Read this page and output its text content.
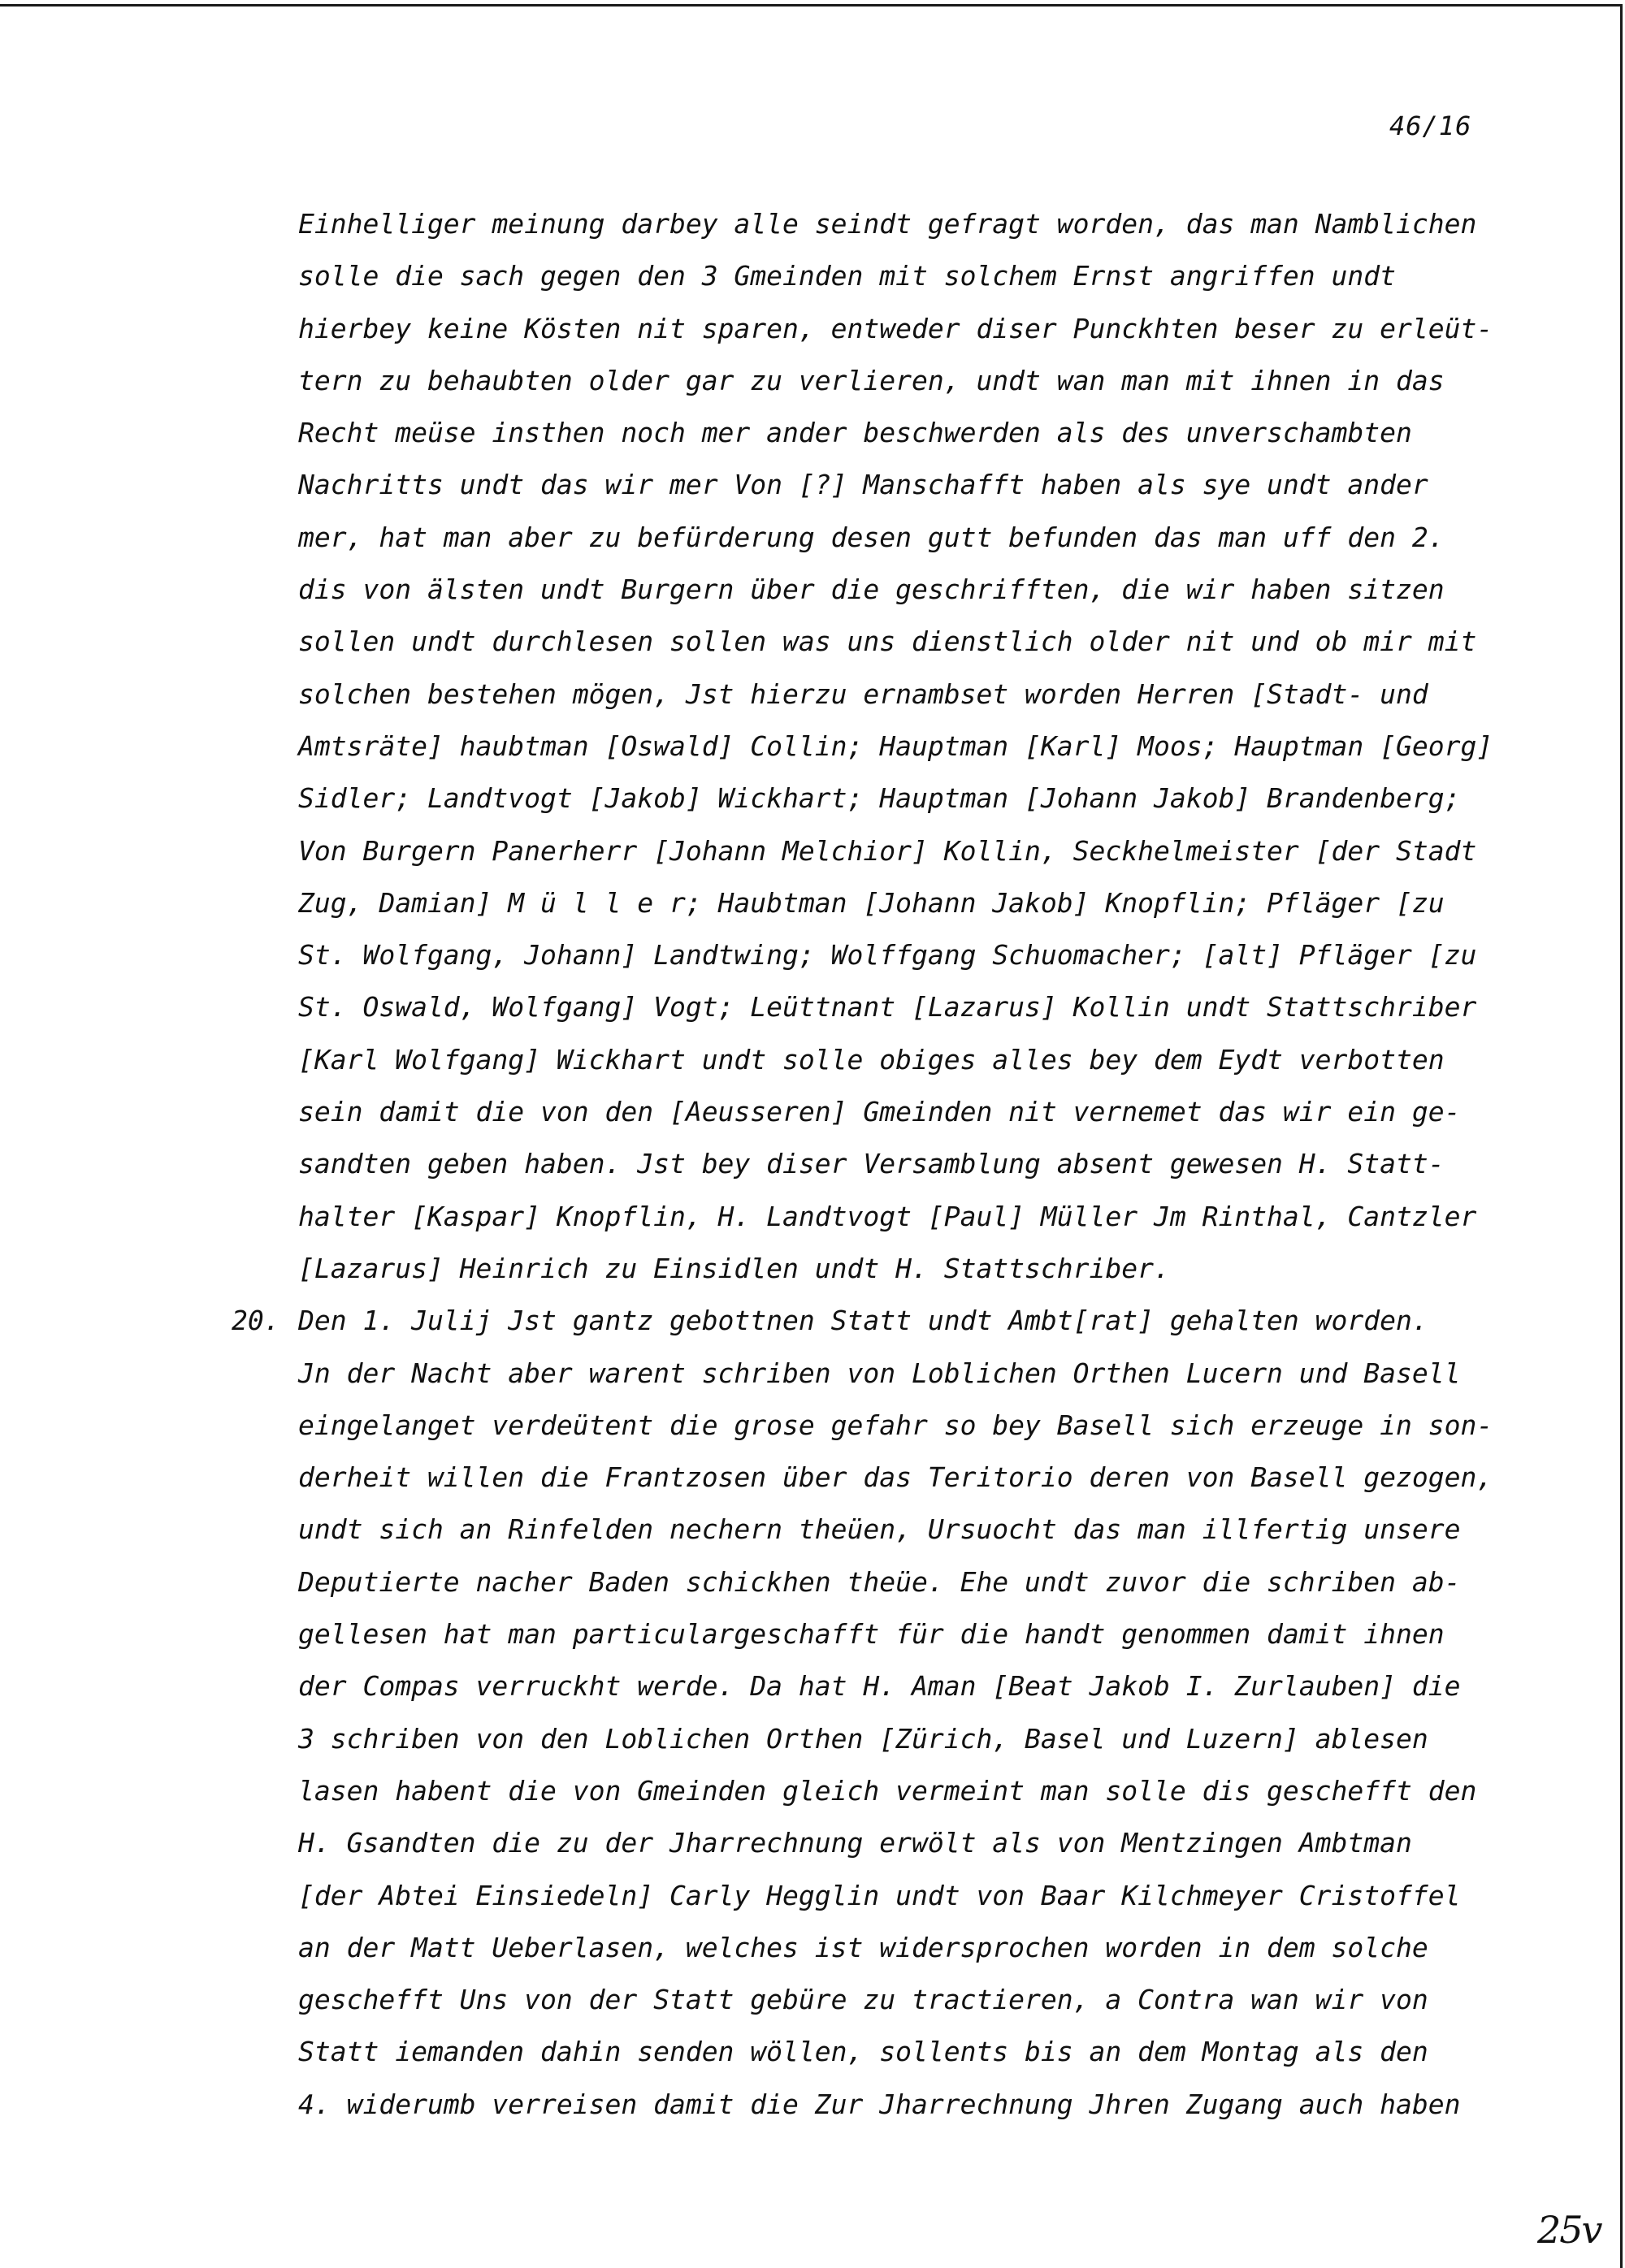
46/16
20.
Einhelliger meinung darbey alle seindt gefragt worden, das man Namblichen
solle die sach gegen den 3 Gmeinden mit solchem Ernst angriffen undt
hierbey keine Kösten nit sparen, entweder diser Punckhten beser zu erleüt-
tern zu behaubten older gar zu verlieren, undt wan man mit ihnen in das
Recht meüse insthen noch mer ander beschwerden als des unverschambten
Nachritts undt das wir mer Von [?] Manschafft haben als sye undt ander
mer, hat man aber zu befürderung desen gutt befunden das man uff den 2.
dis von älsten undt Burgern über die geschrifften, die wir haben sitzen
sollen undt durchlesen sollen was uns dienstlich older nit und ob mir mit
solchen bestehen mögen, Jst hierzu ernambset worden Herren [Stadt- und
Amtsräte] haubtman [Oswald] Collin; Hauptman [Karl] Moos; Hauptman [Georg]
Sidler; Landtvogt [Jakob] Wickhart; Hauptman [Johann Jakob] Brandenberg;
Von Burgern Panerherr [Johann Melchior] Kollin, Seckhelmeister [der Stadt
Zug, Damian] M ü l l e r; Haubtman [Johann Jakob] Knopflin; Pfläger [zu
St. Wolfgang, Johann] Landtwing; Wolffgang Schuomacher; [alt] Pfläger [zu
St. Oswald, Wolfgang] Vogt; Leüttnant [Lazarus] Kollin undt Stattschriber
[Karl Wolfgang] Wickhart undt solle obiges alles bey dem Eydt verbotten
sein damit die von den [Aeusseren] Gmeinden nit vernemet das wir ein ge-
sandten geben haben. Jst bey diser Versamblung absent gewesen H. Statt-
halter [Kaspar] Knopflin, H. Landtvogt [Paul] Müller Jm Rinthal, Cantzler
[Lazarus] Heinrich zu Einsidlen undt H. Stattschriber.
Den 1. Julij Jst gantz gebottnen Statt undt Ambt[rat] gehalten worden.
Jn der Nacht aber warent schriben von Loblichen Orthen Lucern und Basell
eingelanget verdeütent die grose gefahr so bey Basell sich erzeuge in son-
derheit willen die Frantzosen über das Teritorio deren von Basell gezogen,
undt sich an Rinfelden nechern theüen, Ursuocht das man illfertig unsere
Deputierte nacher Baden schickhen theüe. Ehe undt zuvor die schriben ab-
gellesen hat man particulargeschafft für die handt genommen damit ihnen
der Compas verruckht werde. Da hat H. Aman [Beat Jakob I. Zurlauben] die
3 schriben von den Loblichen Orthen [Zürich, Basel und Luzern] ablesen
lasen habent die von Gmeinden gleich vermeint man solle dis geschefft den
H. Gsandten die zu der Jharrechnung erwölt als von Mentzingen Ambtman
[der Abtei Einsiedeln] Carly Hegglin undt von Baar Kilchmeyer Cristoffel
an der Matt Ueberlasen, welches ist widersprochen worden in dem solche
geschefft Uns von der Statt gebüre zu tractieren, a Contra wan wir von
Statt iemanden dahin senden wöllen, sollents bis an dem Montag als den
4. widerumb verreisen damit die Zur Jharrechnung Jhren Zugang auch haben
25v
